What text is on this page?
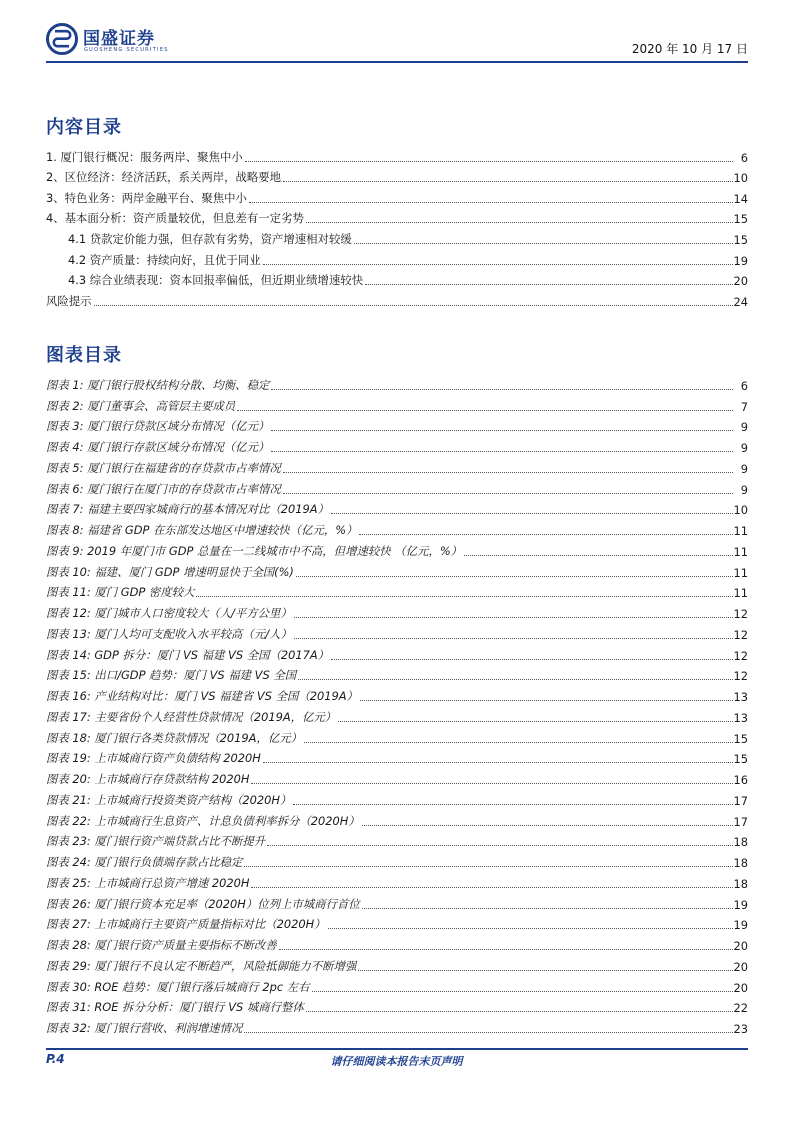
国盛证券
GUOSHENG SECURITIES	2020 年 10 月 17 日
内容目录
1. 厦门银行概况：服务两岸、聚焦中小	6
2、区位经济：经济活跃，系关两岸，战略要地	10
3、特色业务：两岸金融平台、聚焦中小	14
4、基本面分析：资产质量较优，但息差有一定劣势	15
4.1 贷款定价能力强，但存款有劣势，资产增速相对较缓	15
4.2 资产质量：持续向好，且优于同业	19
4.3 综合业绩表现：资本回报率偏低，但近期业绩增速较快	20
风险提示	24
图表目录
图表 1: 厦门银行股权结构分散、均衡、稳定	6
图表 2: 厦门董事会、高管层主要成员	7
图表 3: 厦门银行贷款区域分布情况（亿元）	9
图表 4: 厦门银行存款区域分布情况（亿元）	9
图表 5: 厦门银行在福建省的存贷款市占率情况	9
图表 6: 厦门银行在厦门市的存贷款市占率情况	9
图表 7: 福建主要四家城商行的基本情况对比（2019A）	10
图表 8: 福建省 GDP 在东部发达地区中增速较快（亿元，%）	11
图表 9: 2019 年厦门市 GDP 总量在一二线城市中不高，但增速较快 （亿元，%）	11
图表 10: 福建、厦门 GDP 增速明显快于全国(%)	11
图表 11: 厦门 GDP 密度较大	11
图表 12: 厦门城市人口密度较大（人/平方公里）	12
图表 13: 厦门人均可支配收入水平较高（元/人）	12
图表 14: GDP 拆分：厦门 VS 福建 VS 全国（2017A）	12
图表 15: 出口/GDP 趋势：厦门 VS 福建 VS 全国	12
图表 16: 产业结构对比：厦门 VS 福建省 VS 全国（2019A）	13
图表 17: 主要省份个人经营性贷款情况（2019A，亿元）	13
图表 18: 厦门银行各类贷款情况（2019A，亿元）	15
图表 19: 上市城商行资产负债结构 2020H	15
图表 20: 上市城商行存贷款结构 2020H	16
图表 21: 上市城商行投资类资产结构（2020H）	17
图表 22: 上市城商行生息资产、计息负债利率拆分（2020H）	17
图表 23: 厦门银行资产端贷款占比不断提升	18
图表 24: 厦门银行负债端存款占比稳定	18
图表 25: 上市城商行总资产增速 2020H	18
图表 26: 厦门银行资本充足率（2020H）位列上市城商行首位	19
图表 27: 上市城商行主要资产质量指标对比（2020H）	19
图表 28: 厦门银行资产质量主要指标不断改善	20
图表 29: 厦门银行不良认定不断趋严，风险抵御能力不断增强	20
图表 30: ROE 趋势：厦门银行落后城商行 2pc 左右	20
图表 31: ROE 拆分分析：厦门银行 VS 城商行整体	22
图表 32: 厦门银行营收、利润增速情况	23
P.4	请仔细阅读本报告末页声明
